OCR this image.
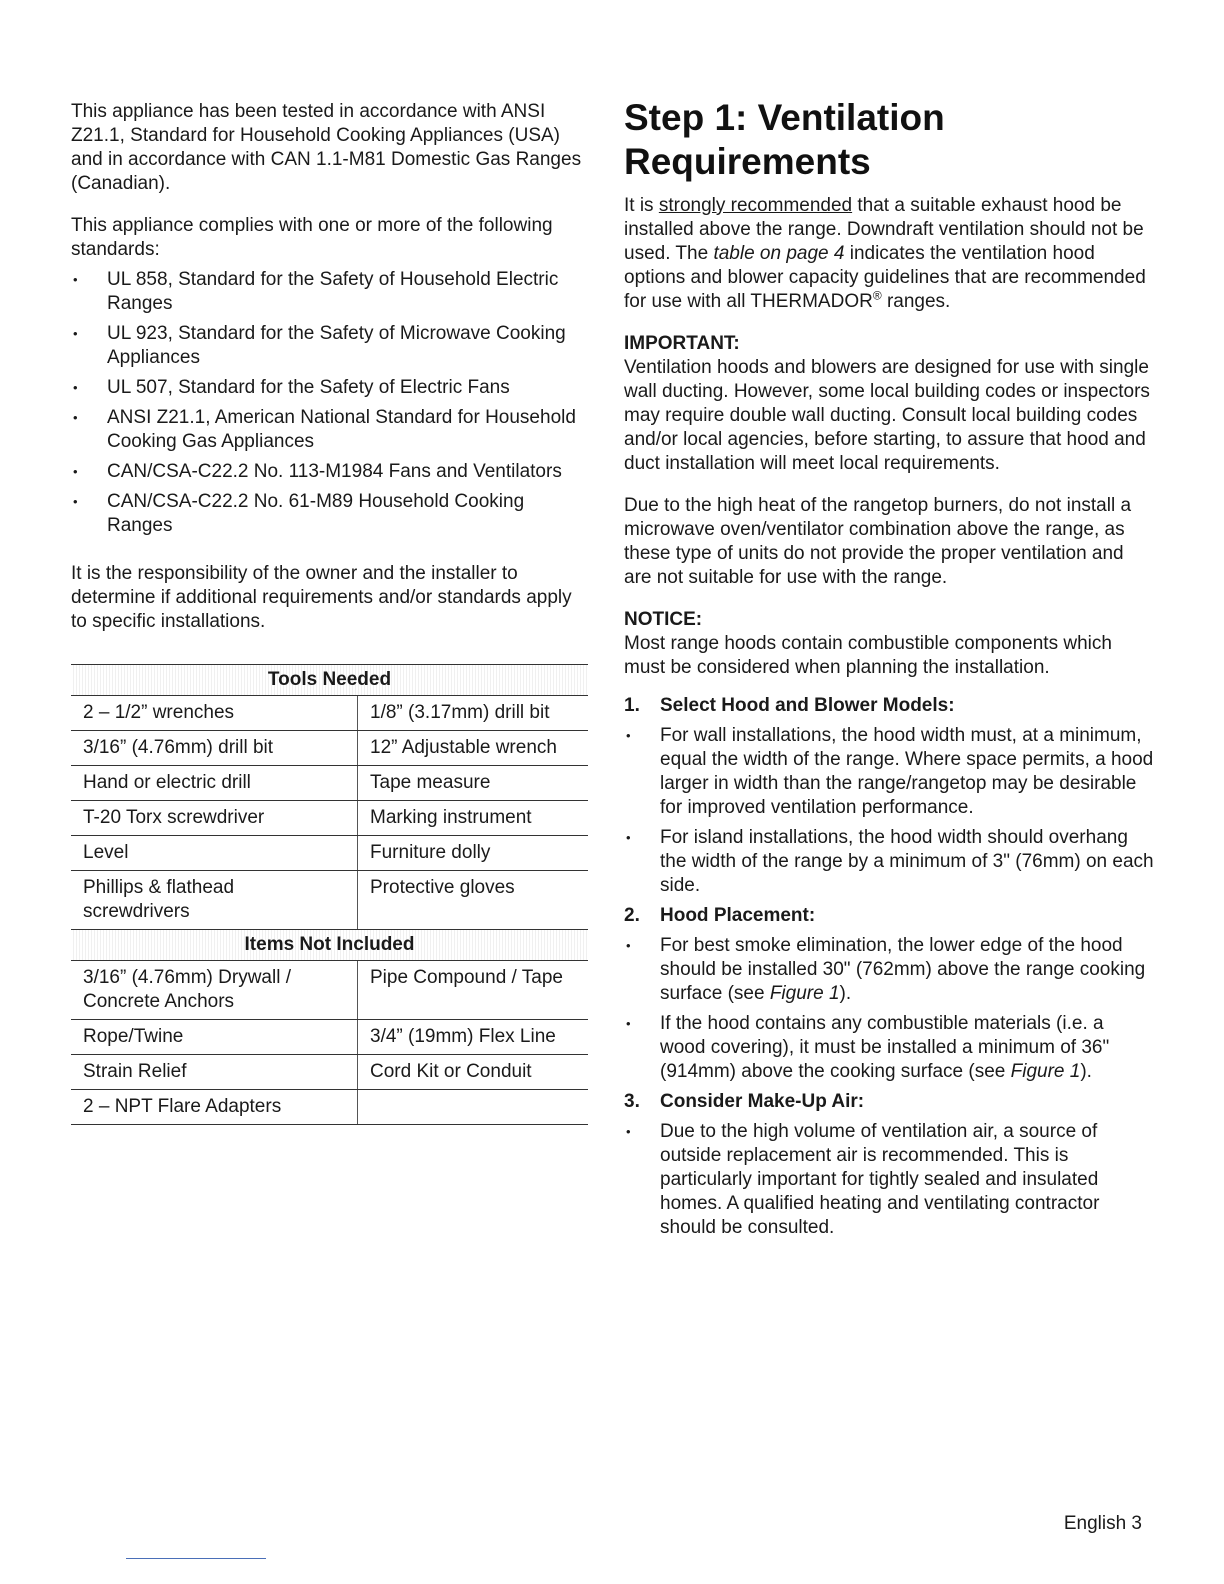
This appliance has been tested in accordance with ANSI Z21.1, Standard for Household Cooking Appliances (USA) and in accordance with CAN 1.1-M81 Domestic Gas Ranges (Canadian).

This appliance complies with one or more of the following standards:

• UL 858, Standard for the Safety of Household Electric Ranges
• UL 923, Standard for the Safety of Microwave Cooking Appliances
• UL 507, Standard for the Safety of Electric Fans
• ANSI Z21.1, American National Standard for Household Cooking Gas Appliances
• CAN/CSA-C22.2 No. 113-M1984 Fans and Ventilators
• CAN/CSA-C22.2 No. 61-M89 Household Cooking Ranges

It is the responsibility of the owner and the installer to determine if additional requirements and/or standards apply to specific installations.

Tools Needed	
2 – 1/2” wrenches	1/8” (3.17mm) drill bit
3/16” (4.76mm) drill bit	12” Adjustable wrench
Hand or electric drill	Tape measure
T-20 Torx screwdriver	Marking instrument
Level	Furniture dolly
Phillips & flathead screwdrivers	Protective gloves
Items Not Included	
3/16” (4.76mm) Drywall / Concrete Anchors	Pipe Compound / Tape
Rope/Twine	3/4” (19mm) Flex Line
Strain Relief	Cord Kit or Conduit
2 – NPT Flare Adapters	
Step 1: Ventilation
Requirements

It is strongly recommended that a suitable exhaust hood be installed above the range. Downdraft ventilation should not be used. The table on page 4 indicates the ventilation hood options and blower capacity guidelines that are recommended for use with all THERMADOR® ranges.

IMPORTANT:

Ventilation hoods and blowers are designed for use with single wall ducting. However, some local building codes or inspectors may require double wall ducting. Consult local building codes and/or local agencies, before starting, to assure that hood and duct installation will meet local requirements.

Due to the high heat of the rangetop burners, do not install a microwave oven/ventilator combination above the range, as these type of units do not provide the proper ventilation and are not suitable for use with the range.

NOTICE:

Most range hoods contain combustible components which must be considered when planning the installation.

1.	Select Hood and Blower Models:
• For wall installations, the hood width must, at a minimum, equal the width of the range. Where space permits, a hood larger in width than the range/rangetop may be desirable for improved ventilation performance.
• For island installations, the hood width should overhang the width of the range by a minimum of 3" (76mm) on each side.
2.	Hood Placement:
• For best smoke elimination, the lower edge of the hood should be installed 30" (762mm) above the range cooking surface (see Figure 1).
• If the hood contains any combustible materials (i.e. a wood covering), it must be installed a minimum of 36" (914mm) above the cooking surface (see Figure 1).
3.	Consider Make-Up Air:
• Due to the high volume of ventilation air, a source of outside replacement air is recommended. This is particularly important for tightly sealed and insulated homes. A qualified heating and ventilating contractor should be consulted.
English 3
